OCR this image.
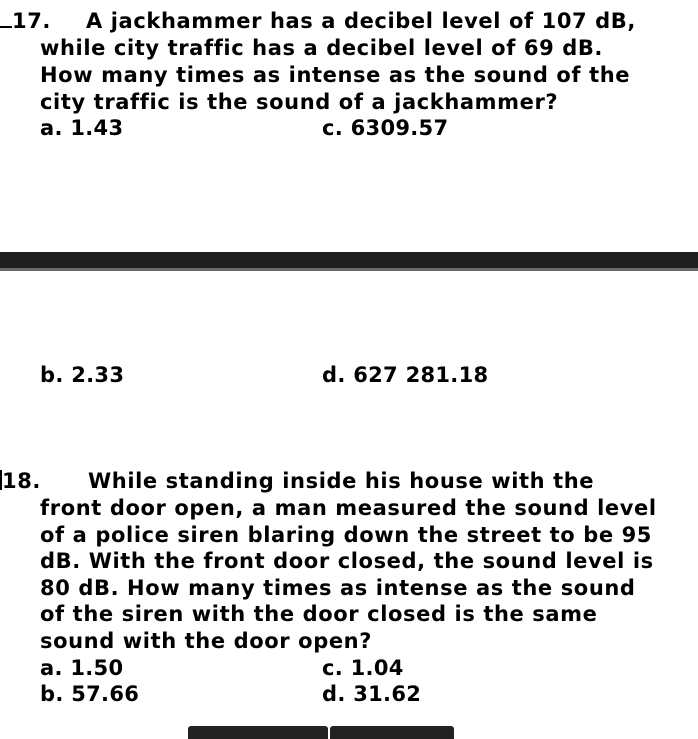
17. A jackhammer has a decibel level of 107 dB,
while city traffic has a decibel level of 69 dB.
How many times as intense as the sound of the
city traffic is the sound of a jackhammer?
a. 1.43	c. 6309.57
b. 2.33	d. 627 281.18
18. While standing inside his house with the
front door open, a man measured the sound level
of a police siren blaring down the street to be 95
dB. With the front door closed, the sound level is
80 dB. How many times as intense as the sound
of the siren with the door closed is the same
sound with the door open?
a. 1.50	c. 1.04
b. 57.66	d. 31.62
